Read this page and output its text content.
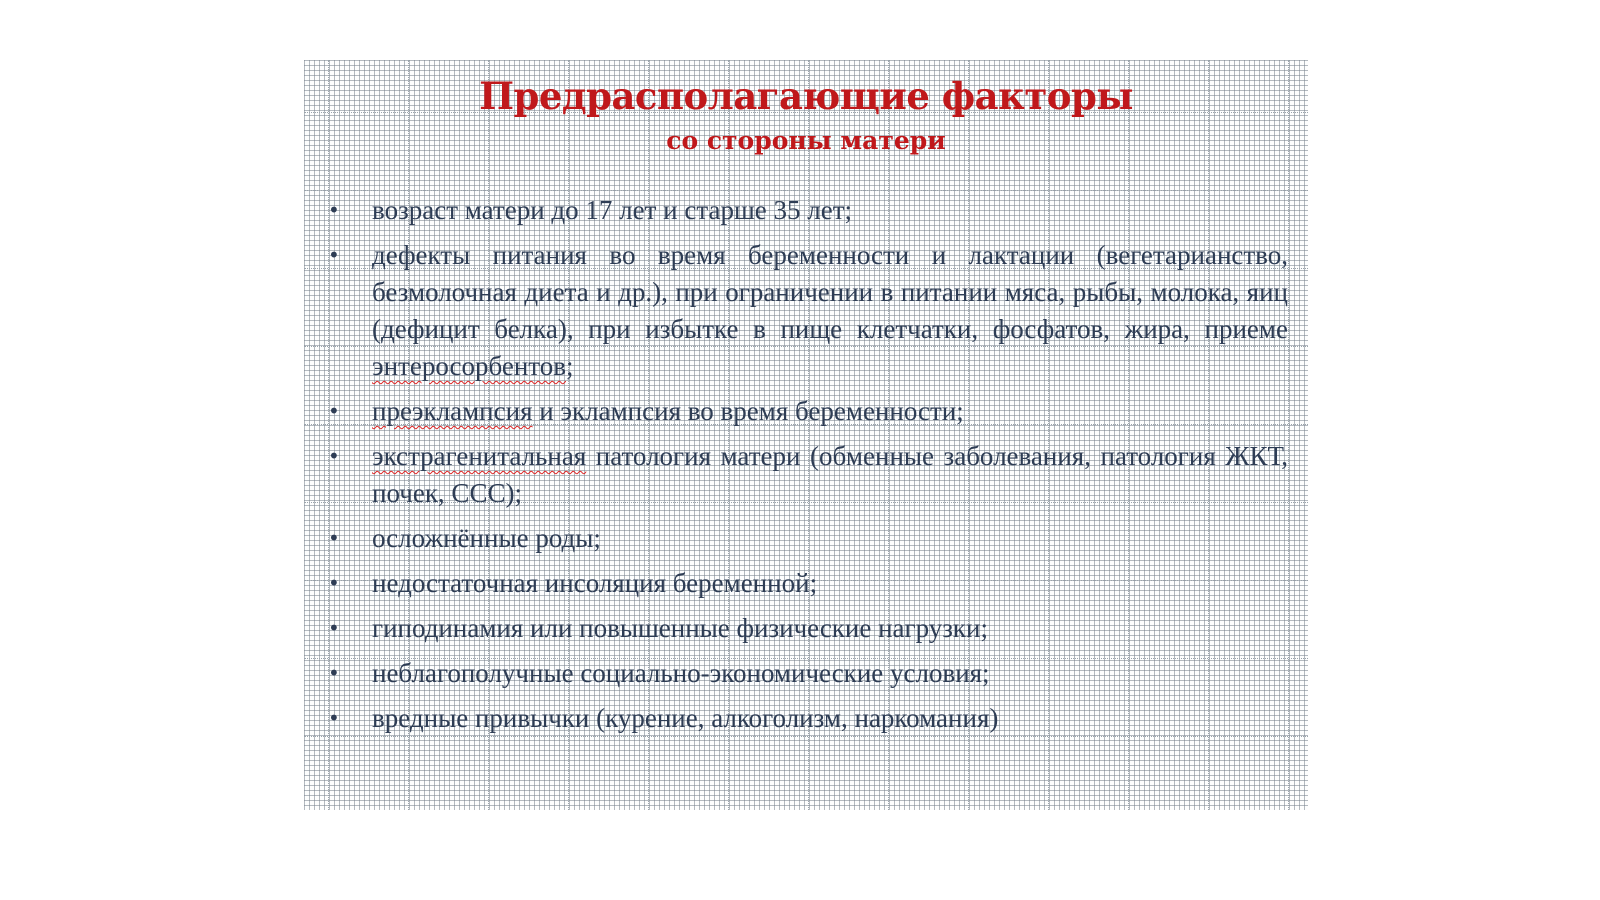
Предрасполагающие факторы
со стороны матери
• возраст матери до 17 лет и старше 35 лет;
• дефекты питания во время беременности и лактации (вегетарианство, безмолочная диета и др.), при ограничении в питании мяса, рыбы, молока, яиц (дефицит белка), при избытке в пище клетчатки, фосфатов, жира, приеме энтеросорбентов;
• преэклампсия и эклампсия во время беременности;
• экстрагенитальная патология матери (обменные заболевания, патология ЖКТ, почек, ССС);
• осложнённые роды;
• недостаточная инсоляция беременной;
• гиподинамия или повышенные физические нагрузки;
• неблагополучные социально-экономические условия;
• вредные привычки (курение, алкоголизм, наркомания)
